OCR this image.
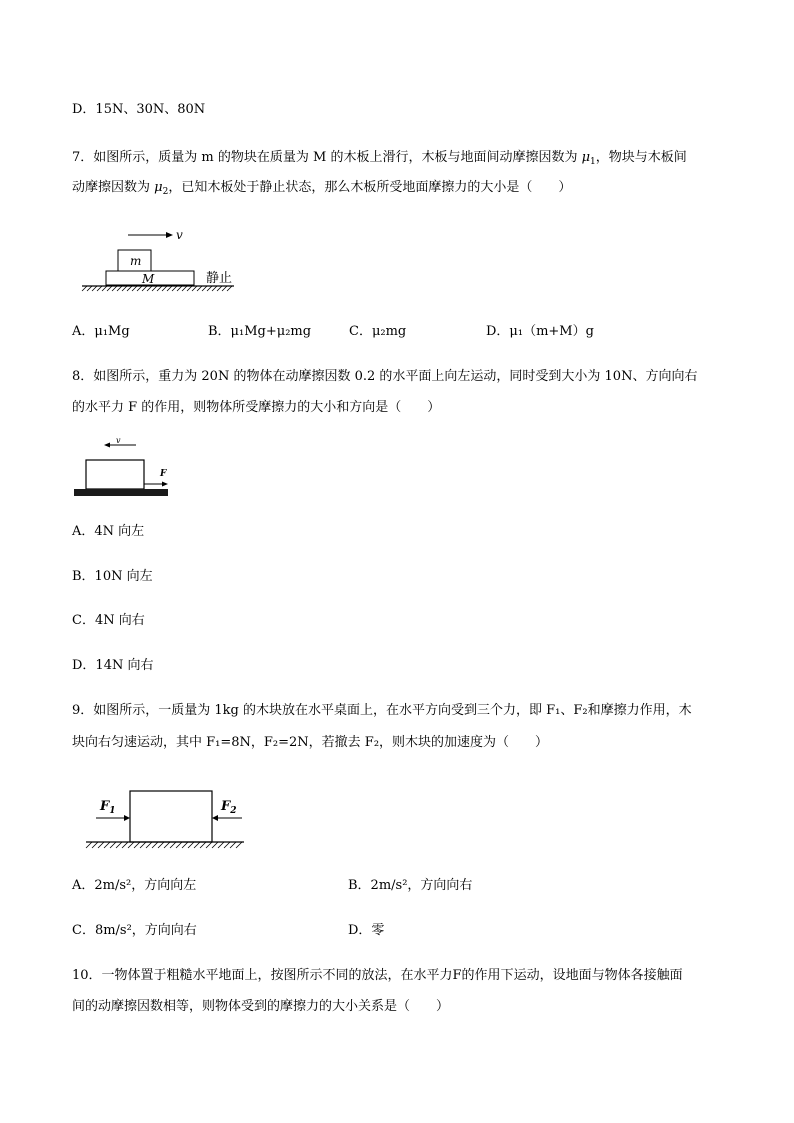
D．15N、30N、80N
7．如图所示，质量为 m 的物块在质量为 M 的木板上滑行，木板与地面间动摩擦因数为 $\mu_1$，物块与木板间
动摩擦因数为 $\mu_2$，已知木板处于静止状态，那么木板所受地面摩擦力的大小是（　　）
v
m
M	静止
A．μ₁Mg	B．μ₁Mg+μ₂mg	C．μ₂mg	D．μ₁（m+M）g
8．如图所示，重力为 20N 的物体在动摩擦因数 0.2 的水平面上向左运动，同时受到大小为 10N、方向向右
的水平力 F 的作用，则物体所受摩擦力的大小和方向是（　　）
v
F
A．4N 向左
B．10N 向左
C．4N 向右
D．14N 向右
9．如图所示，一质量为 1kg 的木块放在水平桌面上，在水平方向受到三个力，即 F₁、F₂和摩擦力作用，木
块向右匀速运动，其中 F₁=8N，F₂=2N，若撤去 F₂，则木块的加速度为（　　）
$F_1$	$F_2$
A．2m/s²，方向向左	B．2m/s²，方向向右
C．8m/s²，方向向右	D．零
10．一物体置于粗糙水平地面上，按图所示不同的放法，在水平力F的作用下运动，设地面与物体各接触面
间的动摩擦因数相等，则物体受到的摩擦力的大小关系是（　　）
